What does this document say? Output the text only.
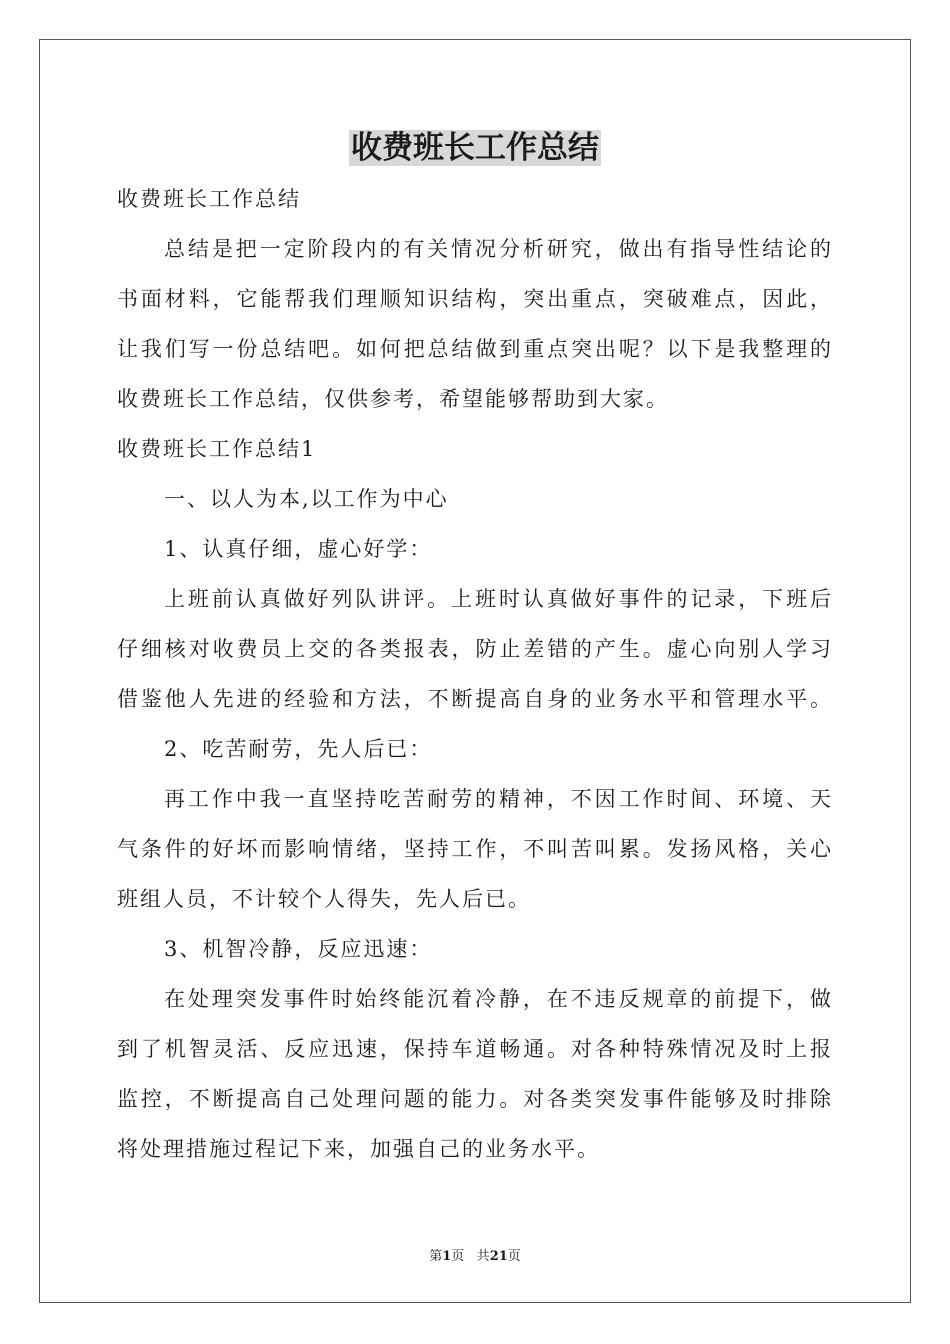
收费班长工作总结
收费班长工作总结
总结是把一定阶段内的有关情况分析研究，做出有指导性结论的
书面材料，它能帮我们理顺知识结构，突出重点，突破难点，因此，
让我们写一份总结吧。如何把总结做到重点突出呢？以下是我整理的
收费班长工作总结，仅供参考，希望能够帮助到大家。
收费班长工作总结1
一、以人为本,以工作为中心
1、认真仔细，虚心好学：
上班前认真做好列队讲评。上班时认真做好事件的记录，下班后
仔细核对收费员上交的各类报表，防止差错的产生。虚心向别人学习
借鉴他人先进的经验和方法，不断提高自身的业务水平和管理水平。
2、吃苦耐劳，先人后已：
再工作中我一直坚持吃苦耐劳的精神，不因工作时间、环境、天
气条件的好坏而影响情绪，坚持工作，不叫苦叫累。发扬风格，关心
班组人员，不计较个人得失，先人后已。
3、机智冷静，反应迅速：
在处理突发事件时始终能沉着冷静，在不违反规章的前提下，做
到了机智灵活、反应迅速，保持车道畅通。对各种特殊情况及时上报
监控，不断提高自己处理问题的能力。对各类突发事件能够及时排除
将处理措施过程记下来，加强自己的业务水平。
第1页 共21页
